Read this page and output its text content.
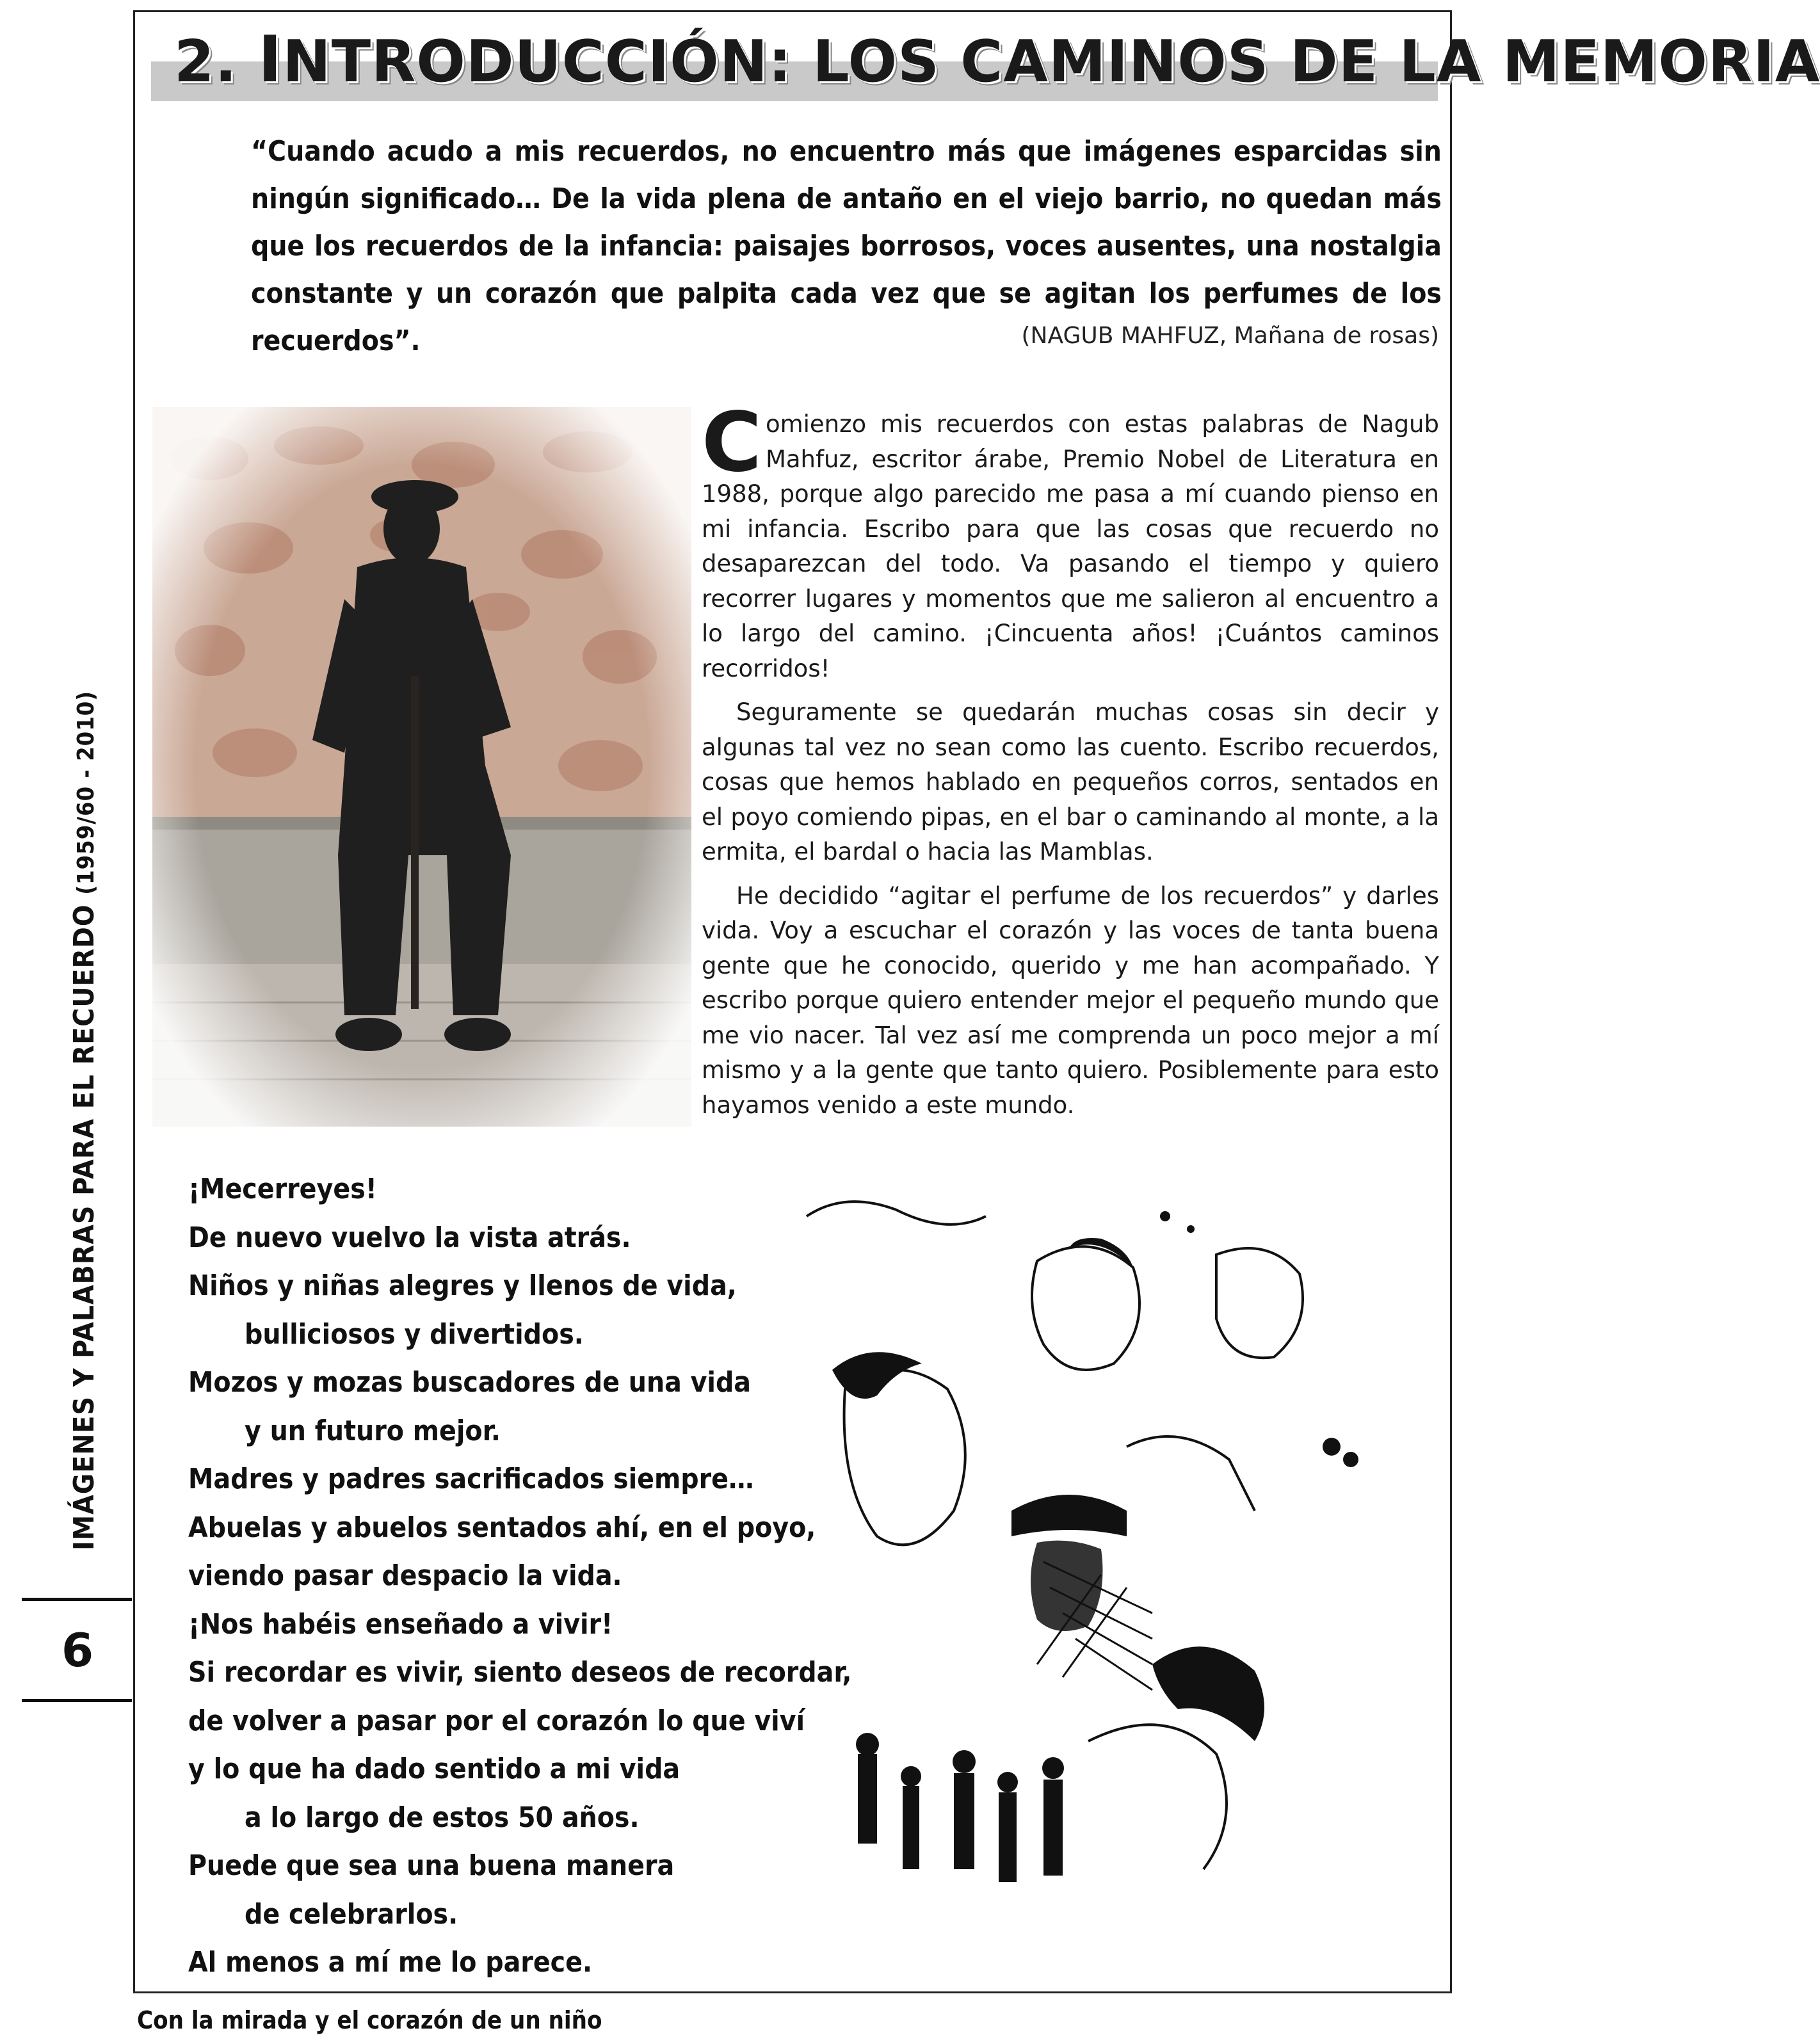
2. INTRODUCCIÓN: LOS CAMINOS DE LA MEMORIA
“Cuando acudo a mis recuerdos, no encuentro más que imágenes esparcidas sin ningún significado… De la vida plena de antaño en el viejo barrio, no quedan más que los recuerdos de la infancia: paisajes borrosos, voces ausentes, una nostalgia constante y un corazón que palpita cada vez que se agitan los perfumes de los recuerdos”.	(NAGUB MAHFUZ, Mañana de rosas)

Comienzo mis recuerdos con estas palabras de Nagub Mahfuz, escritor árabe, Premio Nobel de Literatura en 1988, porque algo parecido me pasa a mí cuando pienso en mi infancia. Escribo para que las cosas que recuerdo no desaparezcan del todo. Va pasando el tiempo y quiero recorrer lugares y momentos que me salieron al encuentro a lo largo del camino. ¡Cincuenta años! ¡Cuántos caminos recorridos!

Seguramente se quedarán muchas cosas sin decir y algunas tal vez no sean como las cuento. Escribo recuerdos, cosas que hemos hablado en pequeños corros, sentados en el poyo comiendo pipas, en el bar o caminando al monte, a la ermita, el bardal o hacia las Mamblas.

He decidido “agitar el perfume de los recuerdos” y darles vida. Voy a escuchar el corazón y las voces de tanta buena gente que he conocido, querido y me han acompañado. Y escribo porque quiero entender mejor el pequeño mundo que me vio nacer. Tal vez así me comprenda un poco mejor a mí mismo y a la gente que tanto quiero. Posiblemente para esto hayamos venido a este mundo.

¡Mecerreyes!
De nuevo vuelvo la vista atrás.
Niños y niñas alegres y llenos de vida,
bulliciosos y divertidos.
Mozos y mozas buscadores de una vida
y un futuro mejor.
Madres y padres sacrificados siempre…
Abuelas y abuelos sentados ahí, en el poyo,
viendo pasar despacio la vida.
¡Nos habéis enseñado a vivir!
Si recordar es vivir, siento deseos de recordar,
de volver a pasar por el corazón lo que viví
y lo que ha dado sentido a mi vida
a lo largo de estos 50 años.
Puede que sea una buena manera
de celebrarlos.
Al menos a mí me lo parece.
IMÁGENES Y PALABRAS PARA EL RECUERDO (1959/60 - 2010)
6
Con la mirada y el corazón de un niño
